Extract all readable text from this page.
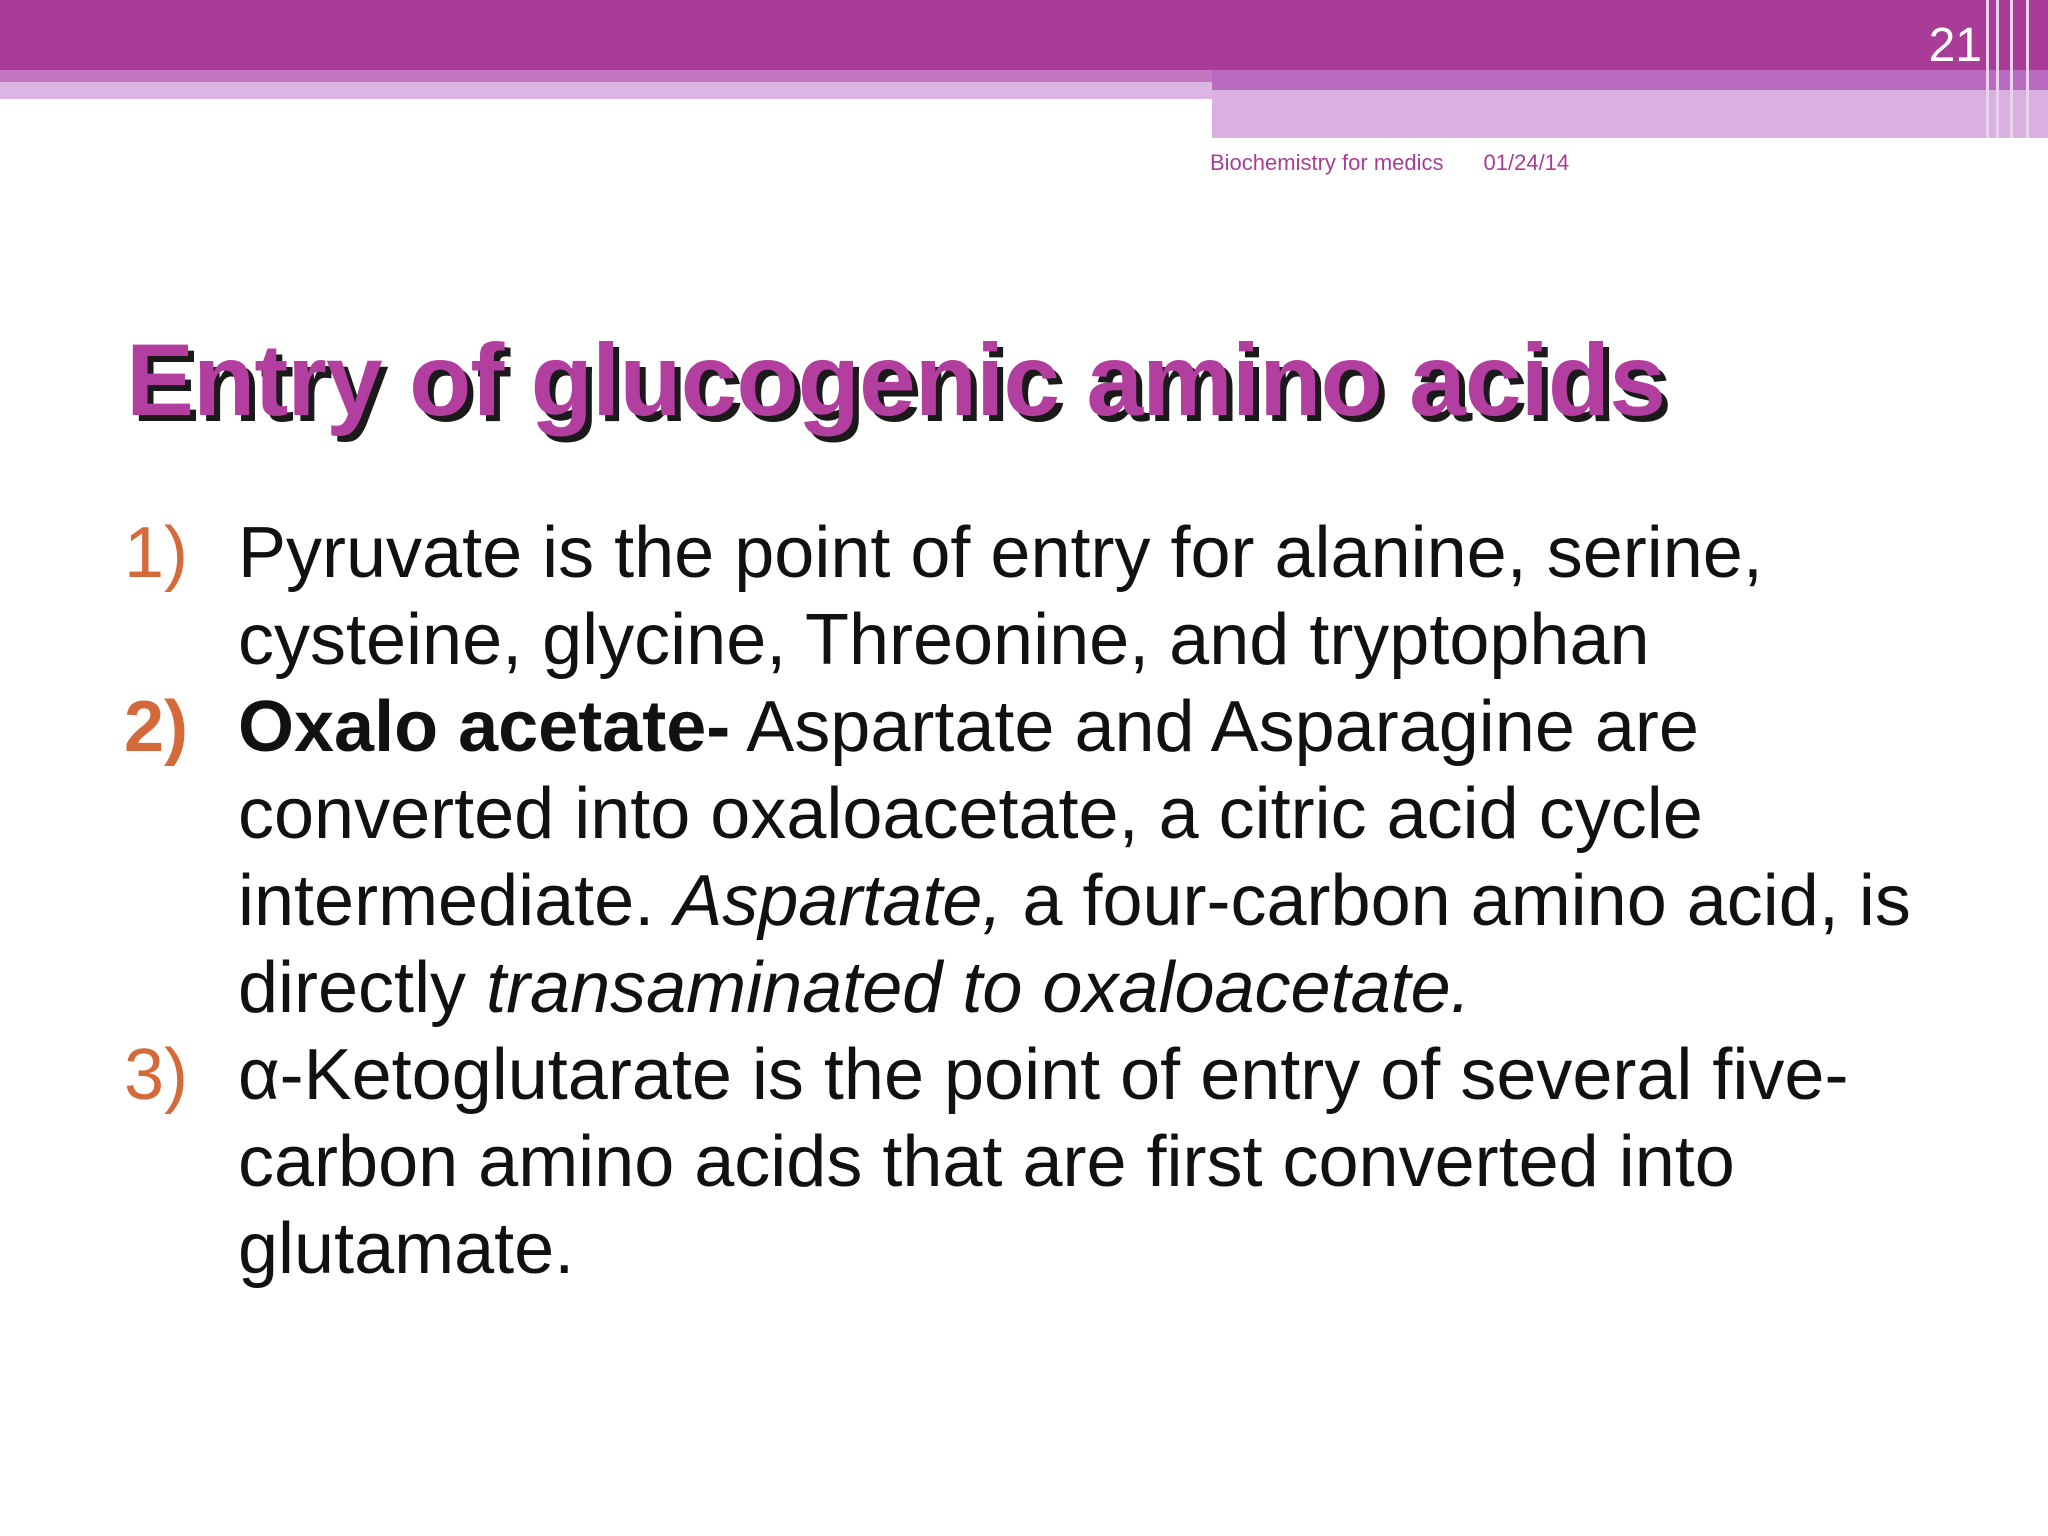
21
Biochemistry for medics 01/24/14
Entry of glucogenic amino acids
1) Pyruvate is the point of entry for alanine, serine, cysteine, glycine, Threonine, and tryptophan
2) Oxalo acetate- Aspartate and Asparagine are converted into oxaloacetate, a citric acid cycle intermediate. Aspartate, a four-carbon amino acid, is directly transaminated to oxaloacetate.
3) α-Ketoglutarate is the point of entry of several five-carbon amino acids that are first converted into glutamate.
